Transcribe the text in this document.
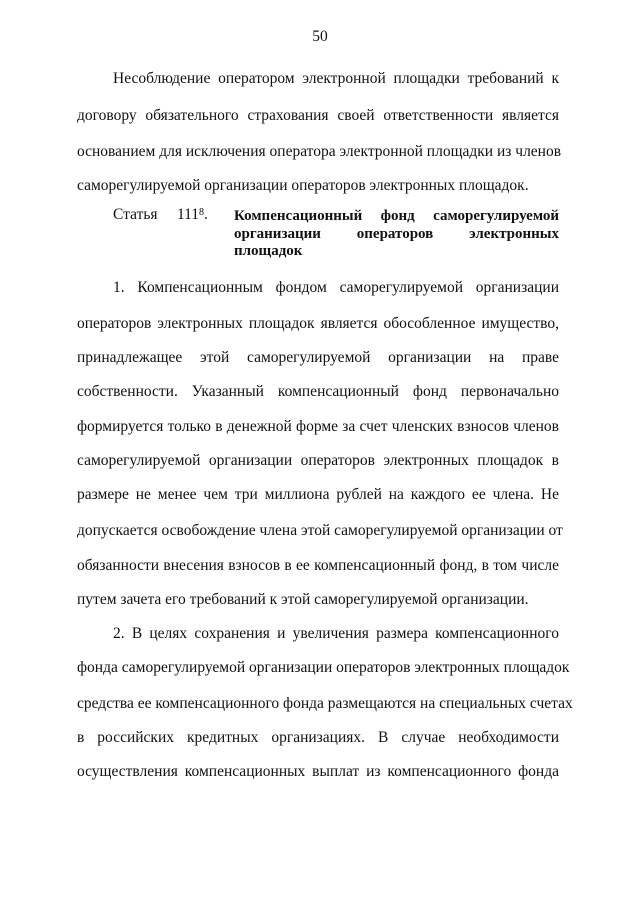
50
Несоблюдение оператором электронной площадки требований к
договору обязательного страхования своей ответственности является
основанием для исключения оператора электронной площадки из членов
саморегулируемой организации операторов электронных площадок.
Статья $111^8$. Компенсационный фонд саморегулируемой
организации операторов электронных
площадок
1. Компенсационным фондом саморегулируемой организации
операторов электронных площадок является обособленное имущество,
принадлежащее этой саморегулируемой организации на праве
собственности. Указанный компенсационный фонд первоначально
формируется только в денежной форме за счет членских взносов членов
саморегулируемой организации операторов электронных площадок в
размере не менее чем три миллиона рублей на каждого ее члена. Не
допускается освобождение члена этой саморегулируемой организации от
обязанности внесения взносов в ее компенсационный фонд, в том числе
путем зачета его требований к этой саморегулируемой организации.
2. В целях сохранения и увеличения размера компенсационного
фонда саморегулируемой организации операторов электронных площадок
средства ее компенсационного фонда размещаются на специальных счетах
в российских кредитных организациях. В случае необходимости
осуществления компенсационных выплат из компенсационного фонда
